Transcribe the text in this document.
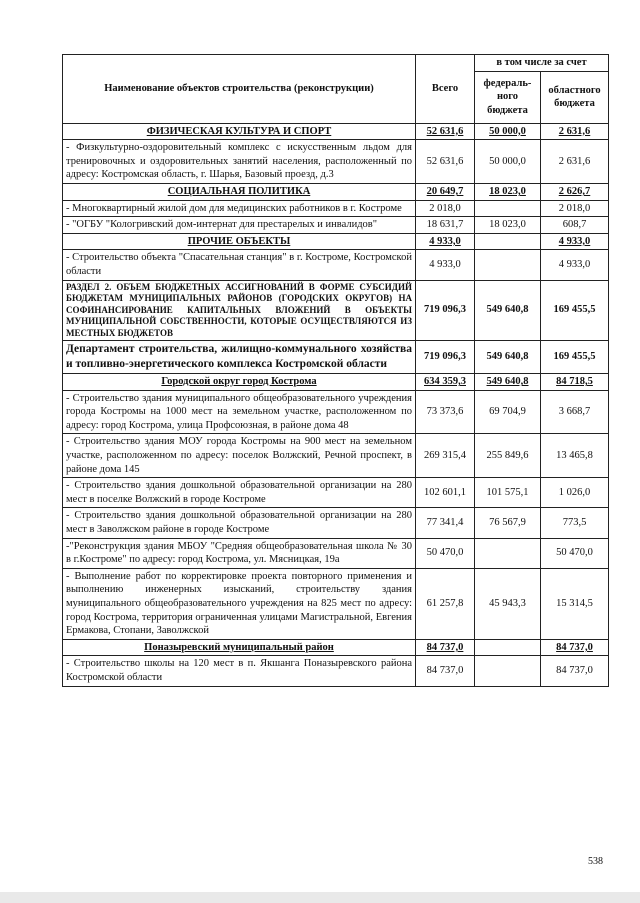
Наименование объектов строительства (реконструкции)	Всего	в том числе за счет	
		федераль-ного бюджета	областного бюджета
ФИЗИЧЕСКАЯ КУЛЬТУРА И СПОРТ	52 631,6	50 000,0	2 631,6
- Физкультурно-оздоровительный комплекс с искусственным льдом для тренировочных и оздоровительных занятий населения, расположенный по адресу: Костромская область, г. Шарья, Базовый проезд, д.3	52 631,6	50 000,0	2 631,6
СОЦИАЛЬНАЯ ПОЛИТИКА	20 649,7	18 023,0	2 626,7
- Многоквартирный жилой дом для медицинских работников в г. Костроме	2 018,0		2 018,0
- "ОГБУ "Кологривский дом-интернат для престарелых и инвалидов"	18 631,7	18 023,0	608,7
ПРОЧИЕ ОБЪЕКТЫ	4 933,0		4 933,0
- Строительство объекта "Спасательная станция" в г. Костроме, Костромской области	4 933,0		4 933,0
РАЗДЕЛ 2. ОБЪЕМ БЮДЖЕТНЫХ АССИГНОВАНИЙ В ФОРМЕ СУБСИДИЙ БЮДЖЕТАМ МУНИЦИПАЛЬНЫХ РАЙОНОВ (ГОРОДСКИХ ОКРУГОВ) НА СОФИНАНСИРОВАНИЕ КАПИТАЛЬНЫХ ВЛОЖЕНИЙ В ОБЪЕКТЫ МУНИЦИПАЛЬНОЙ СОБСТВЕННОСТИ, КОТОРЫЕ ОСУЩЕСТВЛЯЮТСЯ ИЗ МЕСТНЫХ БЮДЖЕТОВ	719 096,3	549 640,8	169 455,5
Департамент строительства, жилищно-коммунального хозяйства и топливно-энергетического комплекса Костромской области	719 096,3	549 640,8	169 455,5
Городской округ город Кострома	634 359,3	549 640,8	84 718,5
- Строительство здания муниципального общеобразовательного учреждения города Костромы на 1000 мест на земельном участке, расположенном по адресу: город Кострома, улица Профсоюзная, в районе дома 48	73 373,6	69 704,9	3 668,7
- Строительство здания МОУ города Костромы на 900 мест на земельном участке, расположенном по адресу: поселок Волжский, Речной проспект, в районе дома 145	269 315,4	255 849,6	13 465,8
- Строительство здания дошкольной образовательной организации на 280 мест в поселке Волжский в городе Костроме	102 601,1	101 575,1	1 026,0
- Строительство здания дошкольной образовательной организации на 280 мест в Заволжском районе в городе Костроме	77 341,4	76 567,9	773,5
-"Реконструкция здания МБОУ "Средняя общеобразовательная школа № 30 в г.Костроме" по адресу: город Кострома, ул. Мясницкая, 19а	50 470,0		50 470,0
- Выполнение работ по корректировке проекта повторного применения и выполнению инженерных изысканий, строительству здания муниципального общеобразовательного учреждения на 825 мест по адресу: город Кострома, территория ограниченная улицами Магистральной, Евгения Ермакова, Стопани, Заволжской	61 257,8	45 943,3	15 314,5
Поназыревский муниципальный район	84 737,0		84 737,0
- Строительство школы на 120 мест в п. Якшанга Поназыревского района Костромской области	84 737,0		84 737,0
538
